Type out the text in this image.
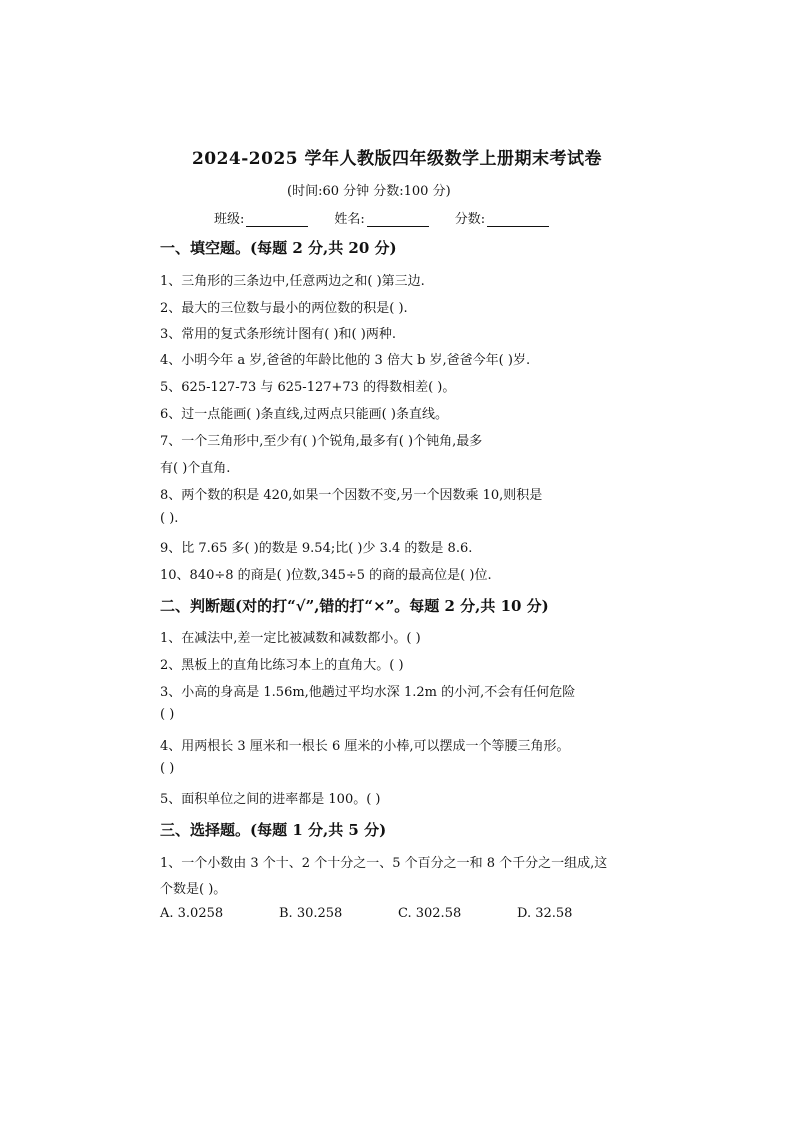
2024-2025 学年人教版四年级数学上册期末考试卷
(时间:60 分钟 分数:100 分)
班级:	姓名:	分数:
一、填空题。(每题 2 分,共 20 分)
1、三角形的三条边中,任意两边之和( )第三边.
2、最大的三位数与最小的两位数的积是( ).
3、常用的复式条形统计图有( )和( )两种.
4、小明今年 a 岁,爸爸的年龄比他的 3 倍大 b 岁,爸爸今年( )岁.
5、625-127-73 与 625-127+73 的得数相差( )。
6、过一点能画( )条直线,过两点只能画( )条直线。
7、一个三角形中,至少有( )个锐角,最多有( )个钝角,最多
有( )个直角.
8、两个数的积是 420,如果一个因数不变,另一个因数乘 10,则积是
( ).
9、比 7.65 多( )的数是 9.54;比( )少 3.4 的数是 8.6.
10、840÷8 的商是( )位数,345÷5 的商的最高位是( )位.
二、判断题(对的打“√”,错的打“×”。每题 2 分,共 10 分)
1、在减法中,差一定比被减数和减数都小。( )
2、黑板上的直角比练习本上的直角大。( )
3、小高的身高是 1.56m,他趟过平均水深 1.2m 的小河,不会有任何危险
( )
4、用两根长 3 厘米和一根长 6 厘米的小棒,可以摆成一个等腰三角形。
( )
5、面积单位之间的进率都是 100。( )
三、选择题。(每题 1 分,共 5 分)
1、一个小数由 3 个十、2 个十分之一、5 个百分之一和 8 个千分之一组成,这
个数是( )。
A. 3.0258	B. 30.258	C. 302.58	D. 32.58
